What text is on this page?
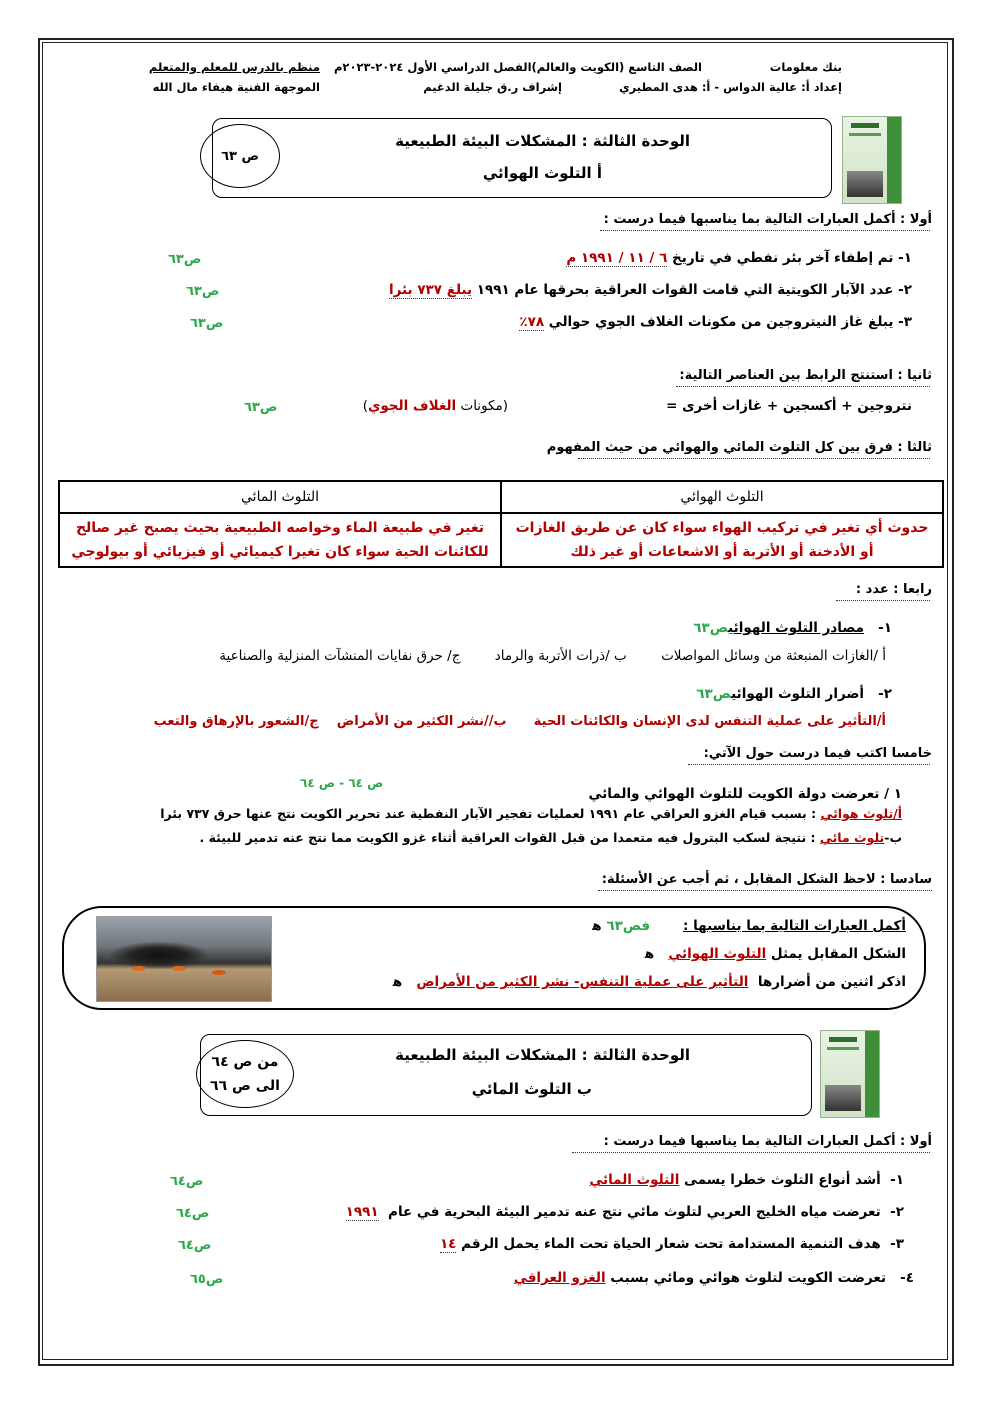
بنك معلومات
الصف التاسع (الكويت والعالم)الفصل الدراسي الأول ٢٠٢٤-٢٠٢٣م
منظم بالدرس للمعلم والمتعلم
إعداد أ: عالية الدواس - أ: هدى المطيري
إشراف ر.ق جليلة الدغيم
الموجهة الفنية هيفاء مال الله
الوحدة الثالثة : المشكلات البيئة الطبيعية
أ التلوث الهوائي
ص ٦٣
أولا : أكمل العبارات التالية بما يناسبها فيما درست :
١- تم إطفاء آخر بئر نفطي في تاريخ ٦ / ١١ / ١٩٩١ م
ص٦٣
٢- عدد الآبار الكويتية التي قامت القوات العراقية بحرقها عام ١٩٩١ يبلغ ٧٣٧ بئرا
ص٦٣
٣- يبلغ غاز النيتروجين من مكونات الغلاف الجوي حوالي ٧٨٪
ص٦٣
ثانيا : استنتج الرابط بين العناصر التالية:
نتروجين + أكسجين + غازات أخرى =
(مكونات الغلاف الجوي)
ص٦٣
ثالثا : فرق بين كل التلوث المائي والهوائي من حيث المفهوم
التلوث الهوائي	التلوث المائي
حدوث أي تغير في تركيب الهواء سواء كان عن طريق الغازات أو الأدخنة أو الأتربة أو الاشعاعات أو غير ذلك	تغير في طبيعة الماء وخواصه الطبيعية بحيث يصبح غير صالح للكائنات الحية سواء كان تغيرا كيميائي أو فيزيائي أو بيولوجي
رابعا : عدد :
١-   مصادر التلوث الهوائيص٦٣
أ /الغازات المنبعثة من وسائل المواصلات        ب /ذرات الأتربة والرماد        ج/ حرق نفايات المنشآت المنزلية والصناعية
٢-   أضرار التلوث الهوائيص٦٣
أ/التأثير على عملية التنفس لدى الإنسان والكائنات الحية      ب//نشر الكثير من الأمراض    ج/الشعور بالإرهاق والتعب
خامسا اكتب فيما درست حول الآتي:
ص ٦٤ - ص ٦٤
١ / تعرضت دولة الكويت للتلوث الهوائي والمائي
أ/تلوث هوائي : بسبب قيام الغزو العراقي عام ١٩٩١ لعمليات تفجير الآبار النفطية عند تحرير الكويت نتج عنها حرق ٧٣٧ بئرا
ب-تلوث مائي : نتيجة لسكب البترول فيه متعمدا من قبل القوات العراقية أثناء غزو الكويت مما نتج عنه تدمير للبيئة .
سادسا : لاحظ الشكل المقابل ، ثم أجب عن الأسئلة:
أكمل العبارات التالية بما يناسبها :       فص٦٣ ﻫ
الشكل المقابل يمثل التلوث الهوائي   ﻫ
اذكر اثنين من أضرارها  التأثير على عملية التنفس- نشر الكثير من الأمراض   ﻫ
الوحدة الثالثة : المشكلات البيئة الطبيعية
ب التلوث المائي
من ص ٦٤
الى ص ٦٦
أولا : أكمل العبارات التالية بما يناسبها فيما درست :
١-  أشد أنواع التلوث خطرا يسمى التلوث المائي
ص٦٤
٢-  تعرضت مياه الخليج العربي لتلوث مائي نتج عنه تدمير البيئة البحرية في عام  ١٩٩١
ص٦٤
٣-  هدف التنمية المستدامة تحت شعار الحياة تحت الماء يحمل الرقم ١٤
ص٦٤
٤-   تعرضت الكويت لتلوث هوائي ومائي بسبب الغزو العراقي
ص٦٥
